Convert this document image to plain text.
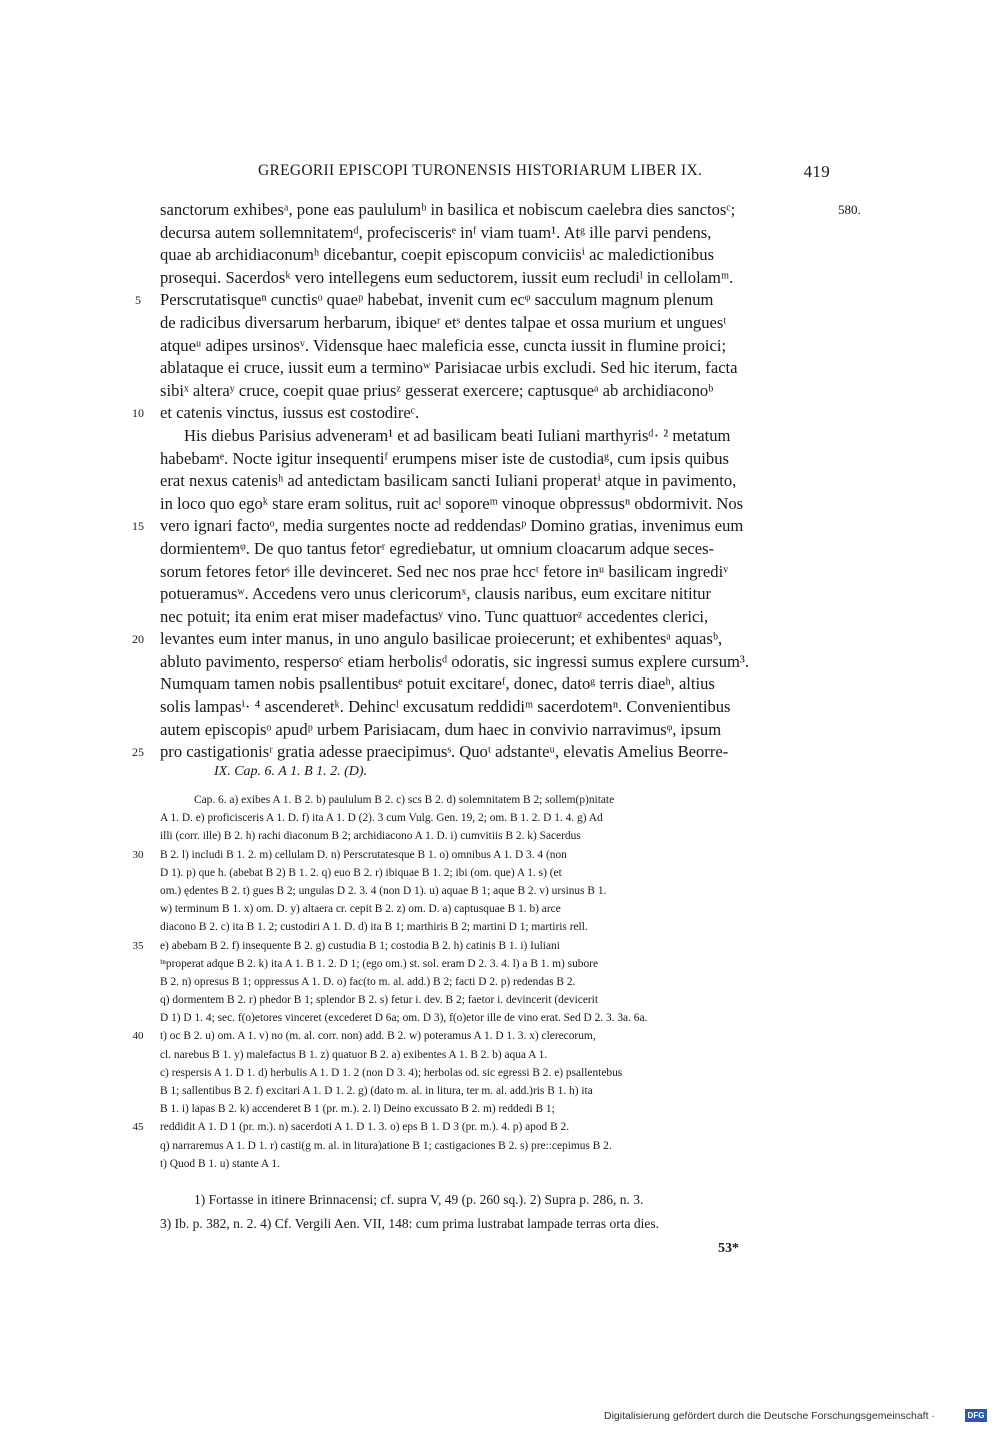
GREGORII EPISCOPI TURONENSIS HISTORIARUM LIBER IX.	419
sanctorum exhibesᵃ, pone eas paululumᵇ in basilica et nobiscum caelebra dies sanctosᶜ;	580.
decursa autem sollemnitatemᵈ, profeciscerisᵉ inᶠ viam tuam¹. Atᵍ ille parvi pendens,
quae ab archidiaconumʰ dicebantur, coepit episcopum conviciisⁱ ac maledictionibus
prosequi. Sacerdosᵏ vero intellegens eum seductorem, iussit eum recludiˡ in cellolamᵐ.
5	Perscrutatisqueⁿ cunctisᵒ quaeᵖ habebat, invenit cum ecᵠ sacculum magnum plenum
de radicibus diversarum herbarum, ibiqueʳ etˢ dentes talpae et ossa murium et unguesᵗ
atqueᵘ adipes ursinosᵛ. Vidensque haec maleficia esse, cuncta iussit in flumine proici;
ablataque ei cruce, iussit eum a terminoʷ Parisiacae urbis excludi. Sed hic iterum, facta
sibiˣ alteraʸ cruce, coepit quae priusᶻ gesserat exercere; captusqueᵃ ab archidiaconoᵇ
10 et catenis vinctus, iussus est costodireᶜ.
His diebus Parisius adveneram¹ et ad basilicam beati Iuliani marthyrisᵈ· ² metatum
habebamᵉ. Nocte igitur insequentiᶠ erumpens miser iste de custodiaᵍ, cum ipsis quibus
erat nexus catenisʰ ad antedictam basilicam sancti Iuliani properatⁱ atque in pavimento,
in loco quo egoᵏ stare eram solitus, ruit acˡ soporeᵐ vinoque obpressusⁿ obdormivit. Nos
15 vero ignari factoᵒ, media surgentes nocte ad reddendasᵖ Domino gratias, invenimus eum
dormientemᵠ. De quo tantus fetorʳ egrediebatur, ut omnium cloacarum adque seces-
sorum fetores fetorˢ ille devinceret. Sed nec nos prae hccᵗ fetore inᵘ basilicam ingrediᵛ
potueramusʷ. Accedens vero unus clericorumˣ, clausis naribus, eum excitare nititur
nec potuit; ita enim erat miser madefactusʸ vino. Tunc quattuorᶻ accedentes clerici,
20 levantes eum inter manus, in uno angulo basilicae proiecerunt; et exhibentesᵃ aquasᵇ,
abluto pavimento, respersoᶜ etiam herbolisᵈ odoratis, sic ingressi sumus explere cursum³.
Numquam tamen nobis psallentibusᵉ potuit excitareᶠ, donec, datoᵍ terris diaeʰ, altius
solis lampasⁱ· ⁴ ascenderetᵏ. Dehincˡ excusatum reddidiᵐ sacerdotemⁿ. Convenientibus
autem episcopisᵒ apudᵖ urbem Parisiacam, dum haec in convivio narravimusᵠ, ipsum
25 pro castigationisʳ gratia adesse praecipimusˢ. Quoᵗ adstanteᵘ, elevatis Amelius Beorre-
IX. Cap. 6. A 1. B 1. 2. (D).
Cap. 6. a) exibes A 1. B 2. b) paululum B 2. c) scs B 2. d) solemnitatem B 2; sollem(p)nitate
A 1. D. e) proficisceris A 1. D. f) ita A 1. D (2). 3 cum Vulg. Gen. 19, 2; om. B 1. 2. D 1. 4. g) Ad
illi (corr. ille) B 2. h) rachi diaconum B 2; archidiacono A 1. D. i) cumvitiis B 2. k) Sacerdus
30	B 2. l) includi B 1. 2. m) cellulam D. n) Perscrutatesque B 1. o) omnibus A 1. D 3. 4 (non
D 1). p) que h. (abebat B 2) B 1. 2. q) euo B 2. r) ibiquae B 1. 2; ibi (om. que) A 1. s) (et
om.) ędentes B 2. t) gues B 2; ungulas D 2. 3. 4 (non D 1). u) aquae B 1; aque B 2. v) ursinus B 1.
w) terminum B 1. x) om. D. y) altaera cr. cepit B 2. z) om. D. a) captusquae B 1. b) arce
diacono B 2. c) ita B 1. 2; custodiri A 1. D. d) ita B 1; marthiris B 2; martini D 1; martiris rell.
35	e) abebam B 2. f) insequente B 2. g) custudia B 1; costodia B 2. h) catinis B 1. i) Iuliani
ⁱⁿproperat adque B 2. k) ita A 1. B 1. 2. D 1; (ego om.) st. sol. eram D 2. 3. 4. l) a B 1. m) subore
B 2. n) opresus B 1; oppressus A 1. D. o) fac(to m. al. add.) B 2; facti D 2. p) redendas B 2.
q) dormentem B 2. r) phedor B 1; splendor B 2. s) fetur i. dev. B 2; faetor i. devincerit (devicerit
D 1) D 1. 4; sec. f(o)etores vinceret (excederet D 6a; om. D 3), f(o)etor ille de vino erat. Sed D 2. 3. 3a. 6a.
40	t) oc B 2. u) om. A 1. v) no (m. al. corr. non) add. B 2. w) poteramus A 1. D 1. 3. x) clerecorum,
cl. narebus B 1. y) malefactus B 1. z) quatuor B 2. a) exibentes A 1. B 2. b) aqua A 1.
c) respersis A 1. D 1. d) herbulis A 1. D 1. 2 (non D 3. 4); herbolas od. sic egressi B 2. e) psallentebus
B 1; sallentibus B 2. f) excitari A 1. D 1. 2. g) (dato m. al. in litura, ter m. al. add.)ris B 1. h) ita
B 1. i) lapas B 2. k) accenderet B 1 (pr. m.). 2. l) Deino excussato B 2. m) reddedi B 1;
45	reddidit A 1. D 1 (pr. m.). n) sacerdoti A 1. D 1. 3. o) eps B 1. D 3 (pr. m.). 4. p) apod B 2.
q) narraremus A 1. D 1. r) casti(g m. al. in litura)atione B 1; castigaciones B 2. s) pre::cepimus B 2.
t) Quod B 1. u) stante A 1.
1) Fortasse in itinere Brinnacensi; cf. supra V, 49 (p. 260 sq.). 2) Supra p. 286, n. 3.
3) Ib. p. 382, n. 2. 4) Cf. Vergili Aen. VII, 148: cum prima lustrabat lampade terras orta dies.
53*
Digitalisierung gefördert durch die Deutsche Forschungsgemeinschaft ·	DFG
